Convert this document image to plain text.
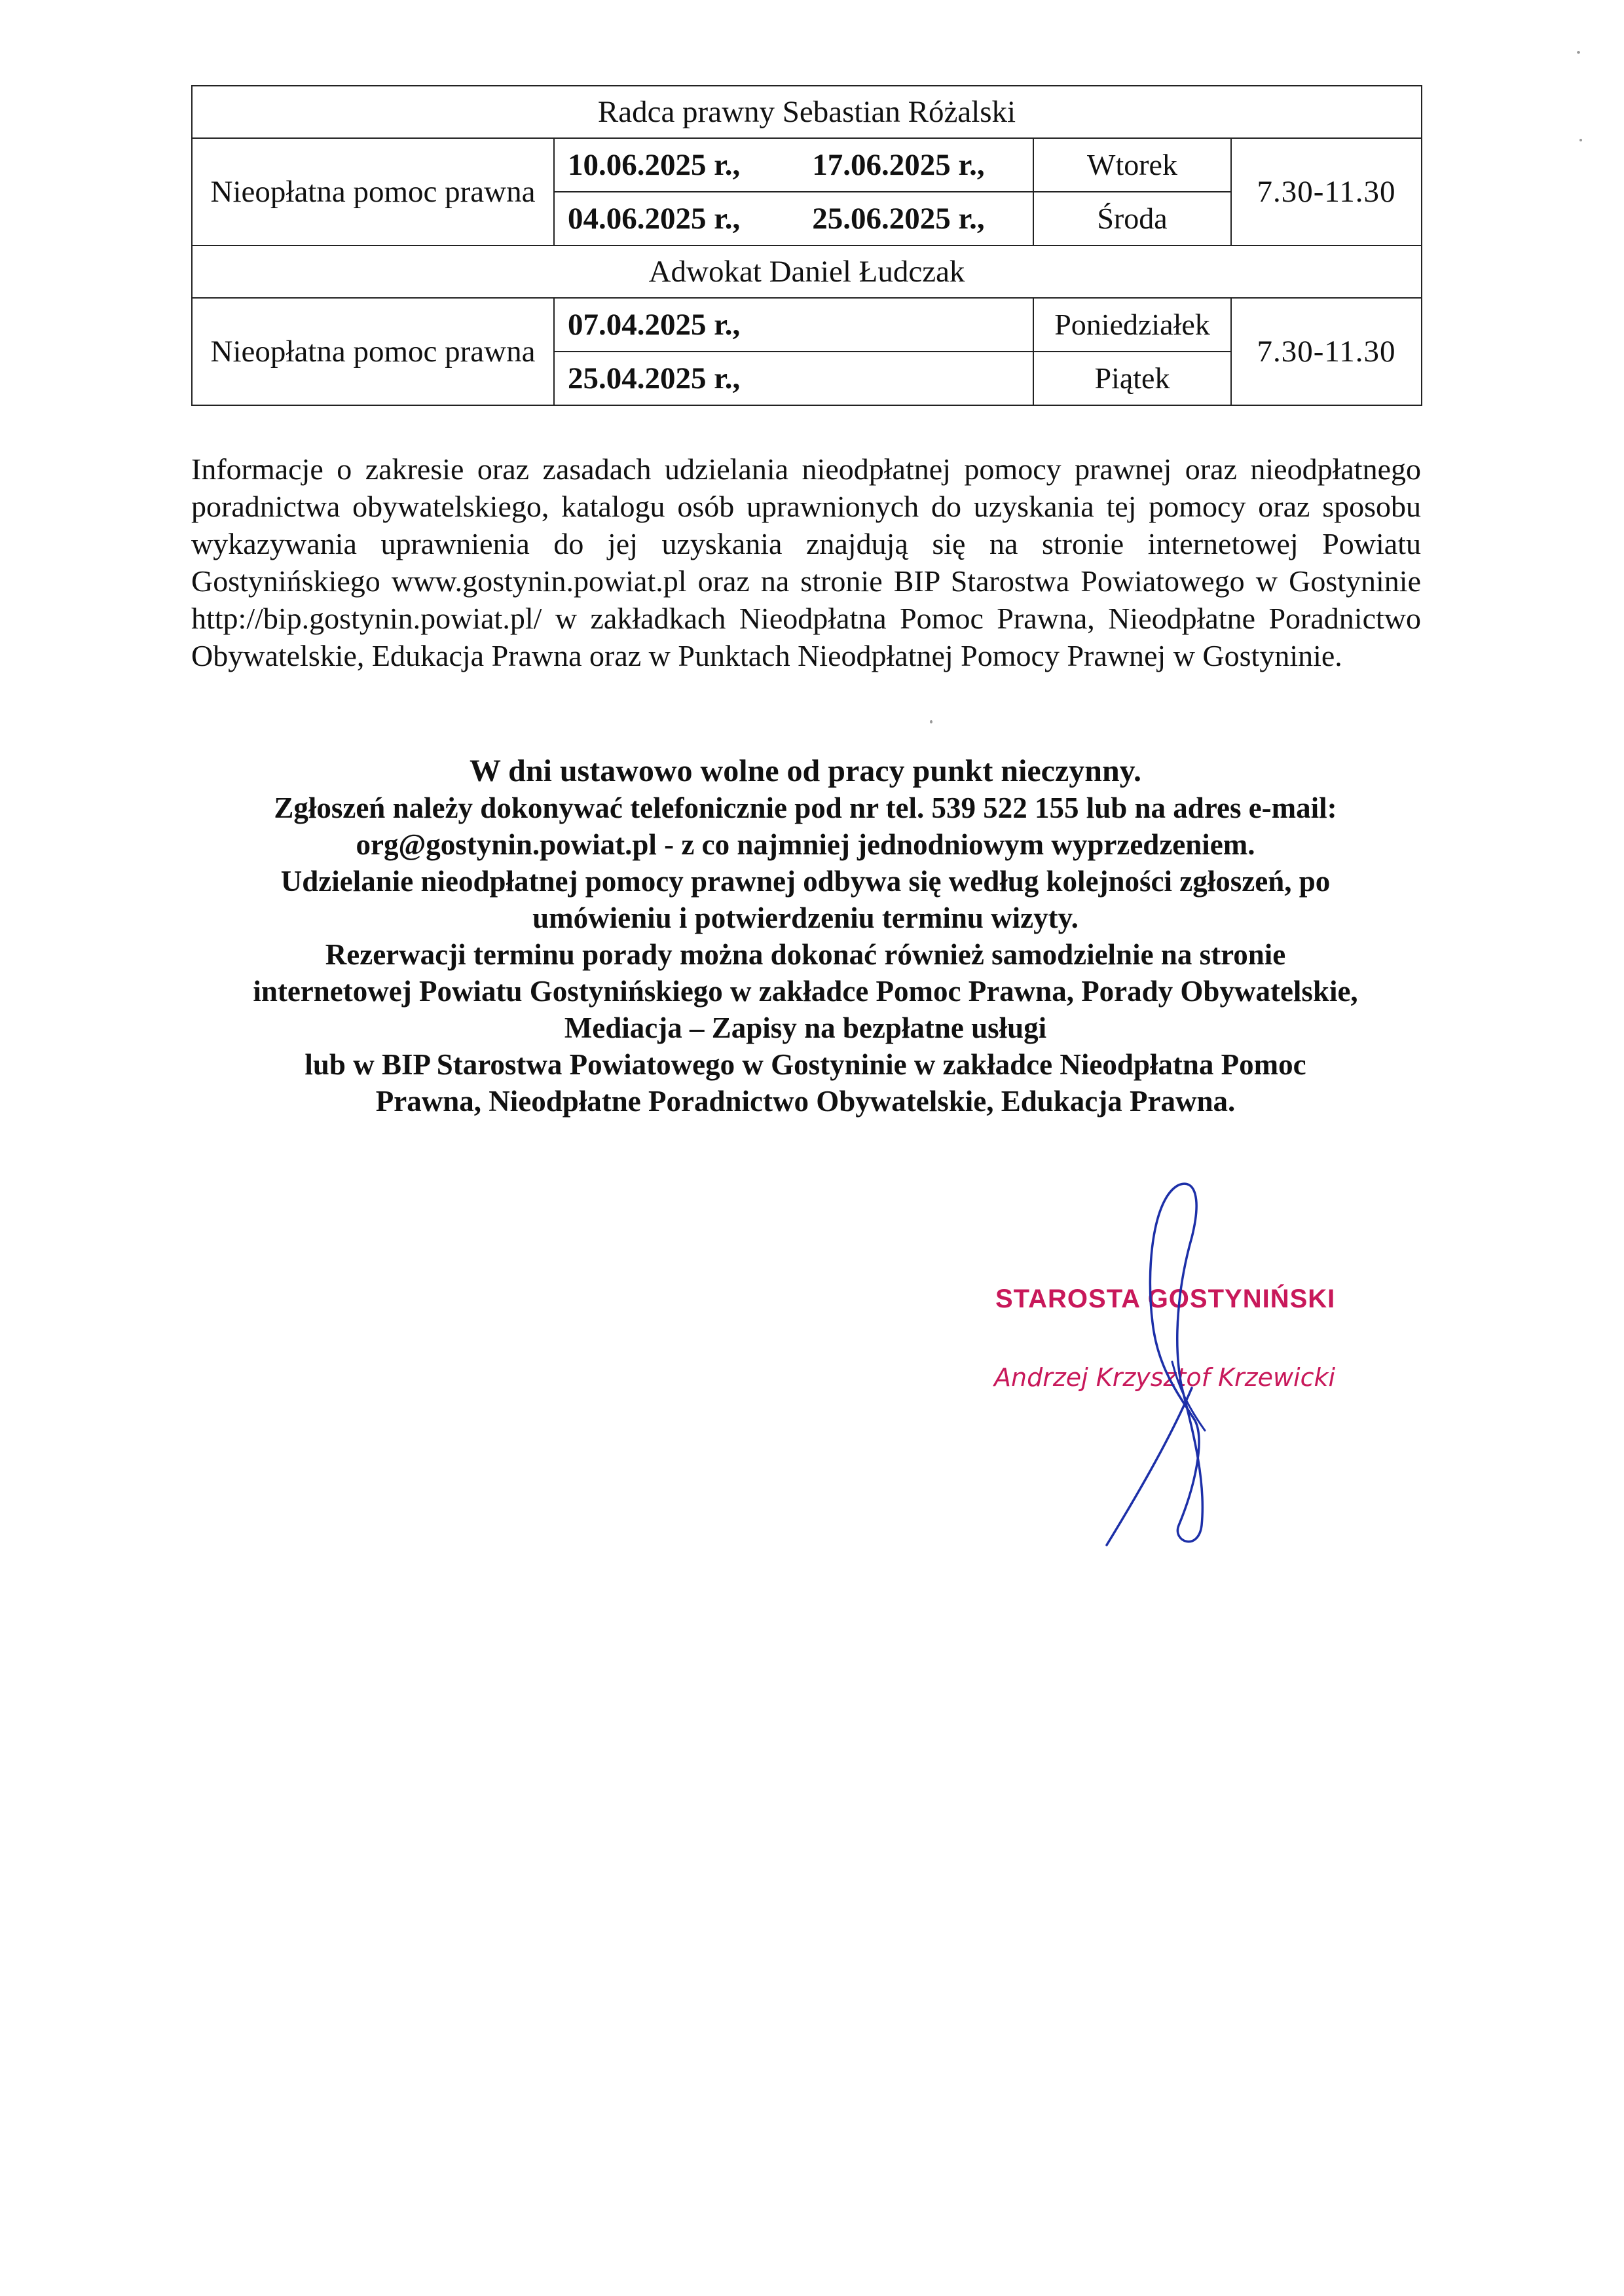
Radca prawny Sebastian Różalski			
Nieopłatna pomoc prawna	10.06.2025 r., 17.06.2025 r.,	Wtorek	7.30-11.30
	04.06.2025 r., 25.06.2025 r.,	Środa	
Adwokat Daniel Łudczak			
Nieopłatna pomoc prawna	07.04.2025 r.,	Poniedziałek	7.30-11.30
	25.04.2025 r.,	Piątek	

Informacje o zakresie oraz zasadach udzielania nieodpłatnej pomocy prawnej oraz nieodpłatnego poradnictwa obywatelskiego, katalogu osób uprawnionych do uzyskania tej pomocy oraz sposobu wykazywania uprawnienia do jej uzyskania znajdują się na stronie internetowej Powiatu Gostynińskiego www.gostynin.powiat.pl oraz na stronie BIP Starostwa Powiatowego w Gostyninie http://bip.gostynin.powiat.pl/ w zakładkach Nieodpłatna Pomoc Prawna, Nieodpłatne Poradnictwo Obywatelskie, Edukacja Prawna oraz w Punktach Nieodpłatnej Pomocy Prawnej w Gostyninie.

W dni ustawowo wolne od pracy punkt nieczynny.
Zgłoszeń należy dokonywać telefonicznie pod nr tel. 539 522 155 lub na adres e-mail:
org@gostynin.powiat.pl - z co najmniej jednodniowym wyprzedzeniem.
Udzielanie nieodpłatnej pomocy prawnej odbywa się według kolejności zgłoszeń, po
umówieniu i potwierdzeniu terminu wizyty.
Rezerwacji terminu porady można dokonać również samodzielnie na stronie
internetowej Powiatu Gostynińskiego w zakładce Pomoc Prawna, Porady Obywatelskie,
Mediacja – Zapisy na bezpłatne usługi
lub w BIP Starostwa Powiatowego w Gostyninie w zakładce Nieodpłatna Pomoc
Prawna, Nieodpłatne Poradnictwo Obywatelskie, Edukacja Prawna.

STAROSTA GOSTYNIŃSKI

Andrzej Krzysztof Krzewicki
